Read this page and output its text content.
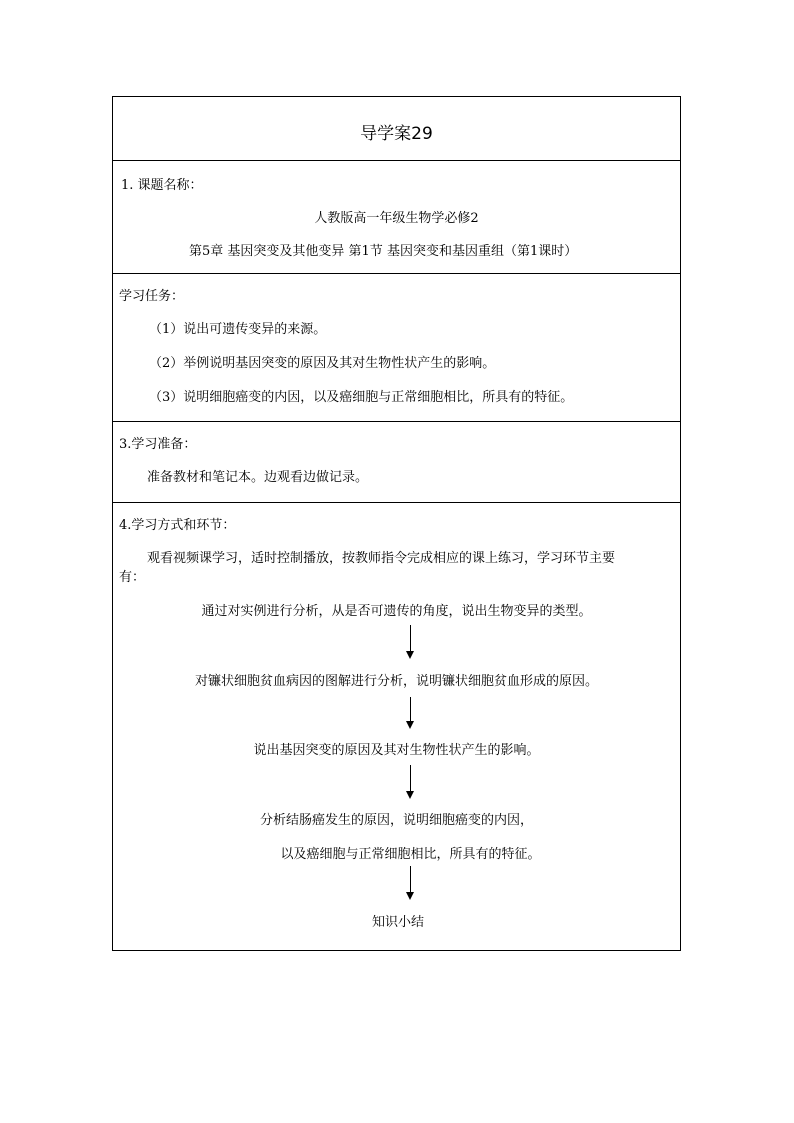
导学案29
1. 课题名称：
人教版高一年级生物学必修2
第5章 基因突变及其他变异 第1节 基因突变和基因重组（第1课时）
学习任务：
（1）说出可遗传变异的来源。
（2）举例说明基因突变的原因及其对生物性状产生的影响。
（3）说明细胞癌变的内因，以及癌细胞与正常细胞相比，所具有的特征。
3.学习准备：
准备教材和笔记本。边观看边做记录。
4.学习方式和环节：
观看视频课学习，适时控制播放，按教师指令完成相应的课上练习，学习环节主要
有：
通过对实例进行分析，从是否可遗传的角度，说出生物变异的类型。
对镰状细胞贫血病因的图解进行分析，说明镰状细胞贫血形成的原因。
说出基因突变的原因及其对生物性状产生的影响。
分析结肠癌发生的原因，说明细胞癌变的内因，
以及癌细胞与正常细胞相比，所具有的特征。
知识小结
